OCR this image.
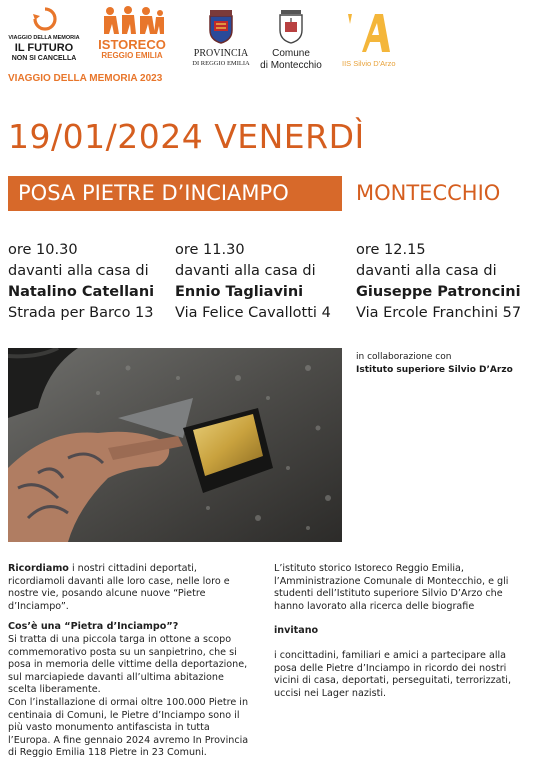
VIAGGIO DELLA MEMORIA
IL FUTURO
NON SI CANCELLA
ISTORECO
REGGIO EMILIA
VIAGGIO DELLA MEMORIA 2023
PROVINCIA
DI REGGIO EMILIA
Comune
di Montecchio	IIS Silvio D'Arzo
19/01/2024 VENERDÌ
POSA PIETRE D’INCIAMPO	MONTECCHIO
ore 10.30
davanti alla casa di
Natalino Catellani
Strada per Barco 13
ore 11.30
davanti alla casa di
Ennio Tagliavini
Via Felice Cavallotti 4
ore 12.15
davanti alla casa di
Giuseppe Patroncini
Via Ercole Franchini 57
in collaborazione con
Istituto superiore Silvio D’Arzo

Ricordiamo i nostri cittadini deportati, ricordiamoli davanti alle loro case, nelle loro e nostre vie, posando alcune nuove “Pietre d’Inciampo”.

Cos’è una “Pietra d’Inciampo”?

Si tratta di una piccola targa in ottone a scopo commemorativo posta su un sanpietrino, che si posa in memoria delle vittime della deportazione, sul marciapiede davanti all’ultima abitazione scelta liberamente.

Con l’installazione di ormai oltre 100.000 Pietre in centinaia di Comuni, le Pietre d’Inciampo sono il più vasto monumento antifascista in tutta l’Europa. A fine gennaio 2024 avremo In Provincia di Reggio Emilia 118 Pietre in 23 Comuni.

L’istituto storico Istoreco Reggio Emilia, l’Amministrazione Comunale di Montecchio, e gli studenti dell’Istituto superiore Silvio D’Arzo che hanno lavorato alla ricerca delle biografie

invitano

i concittadini, familiari e amici a partecipare alla posa delle Pietre d’Inciampo in ricordo dei nostri vicini di casa, deportati, perseguitati, terrorizzati, uccisi nei Lager nazisti.
